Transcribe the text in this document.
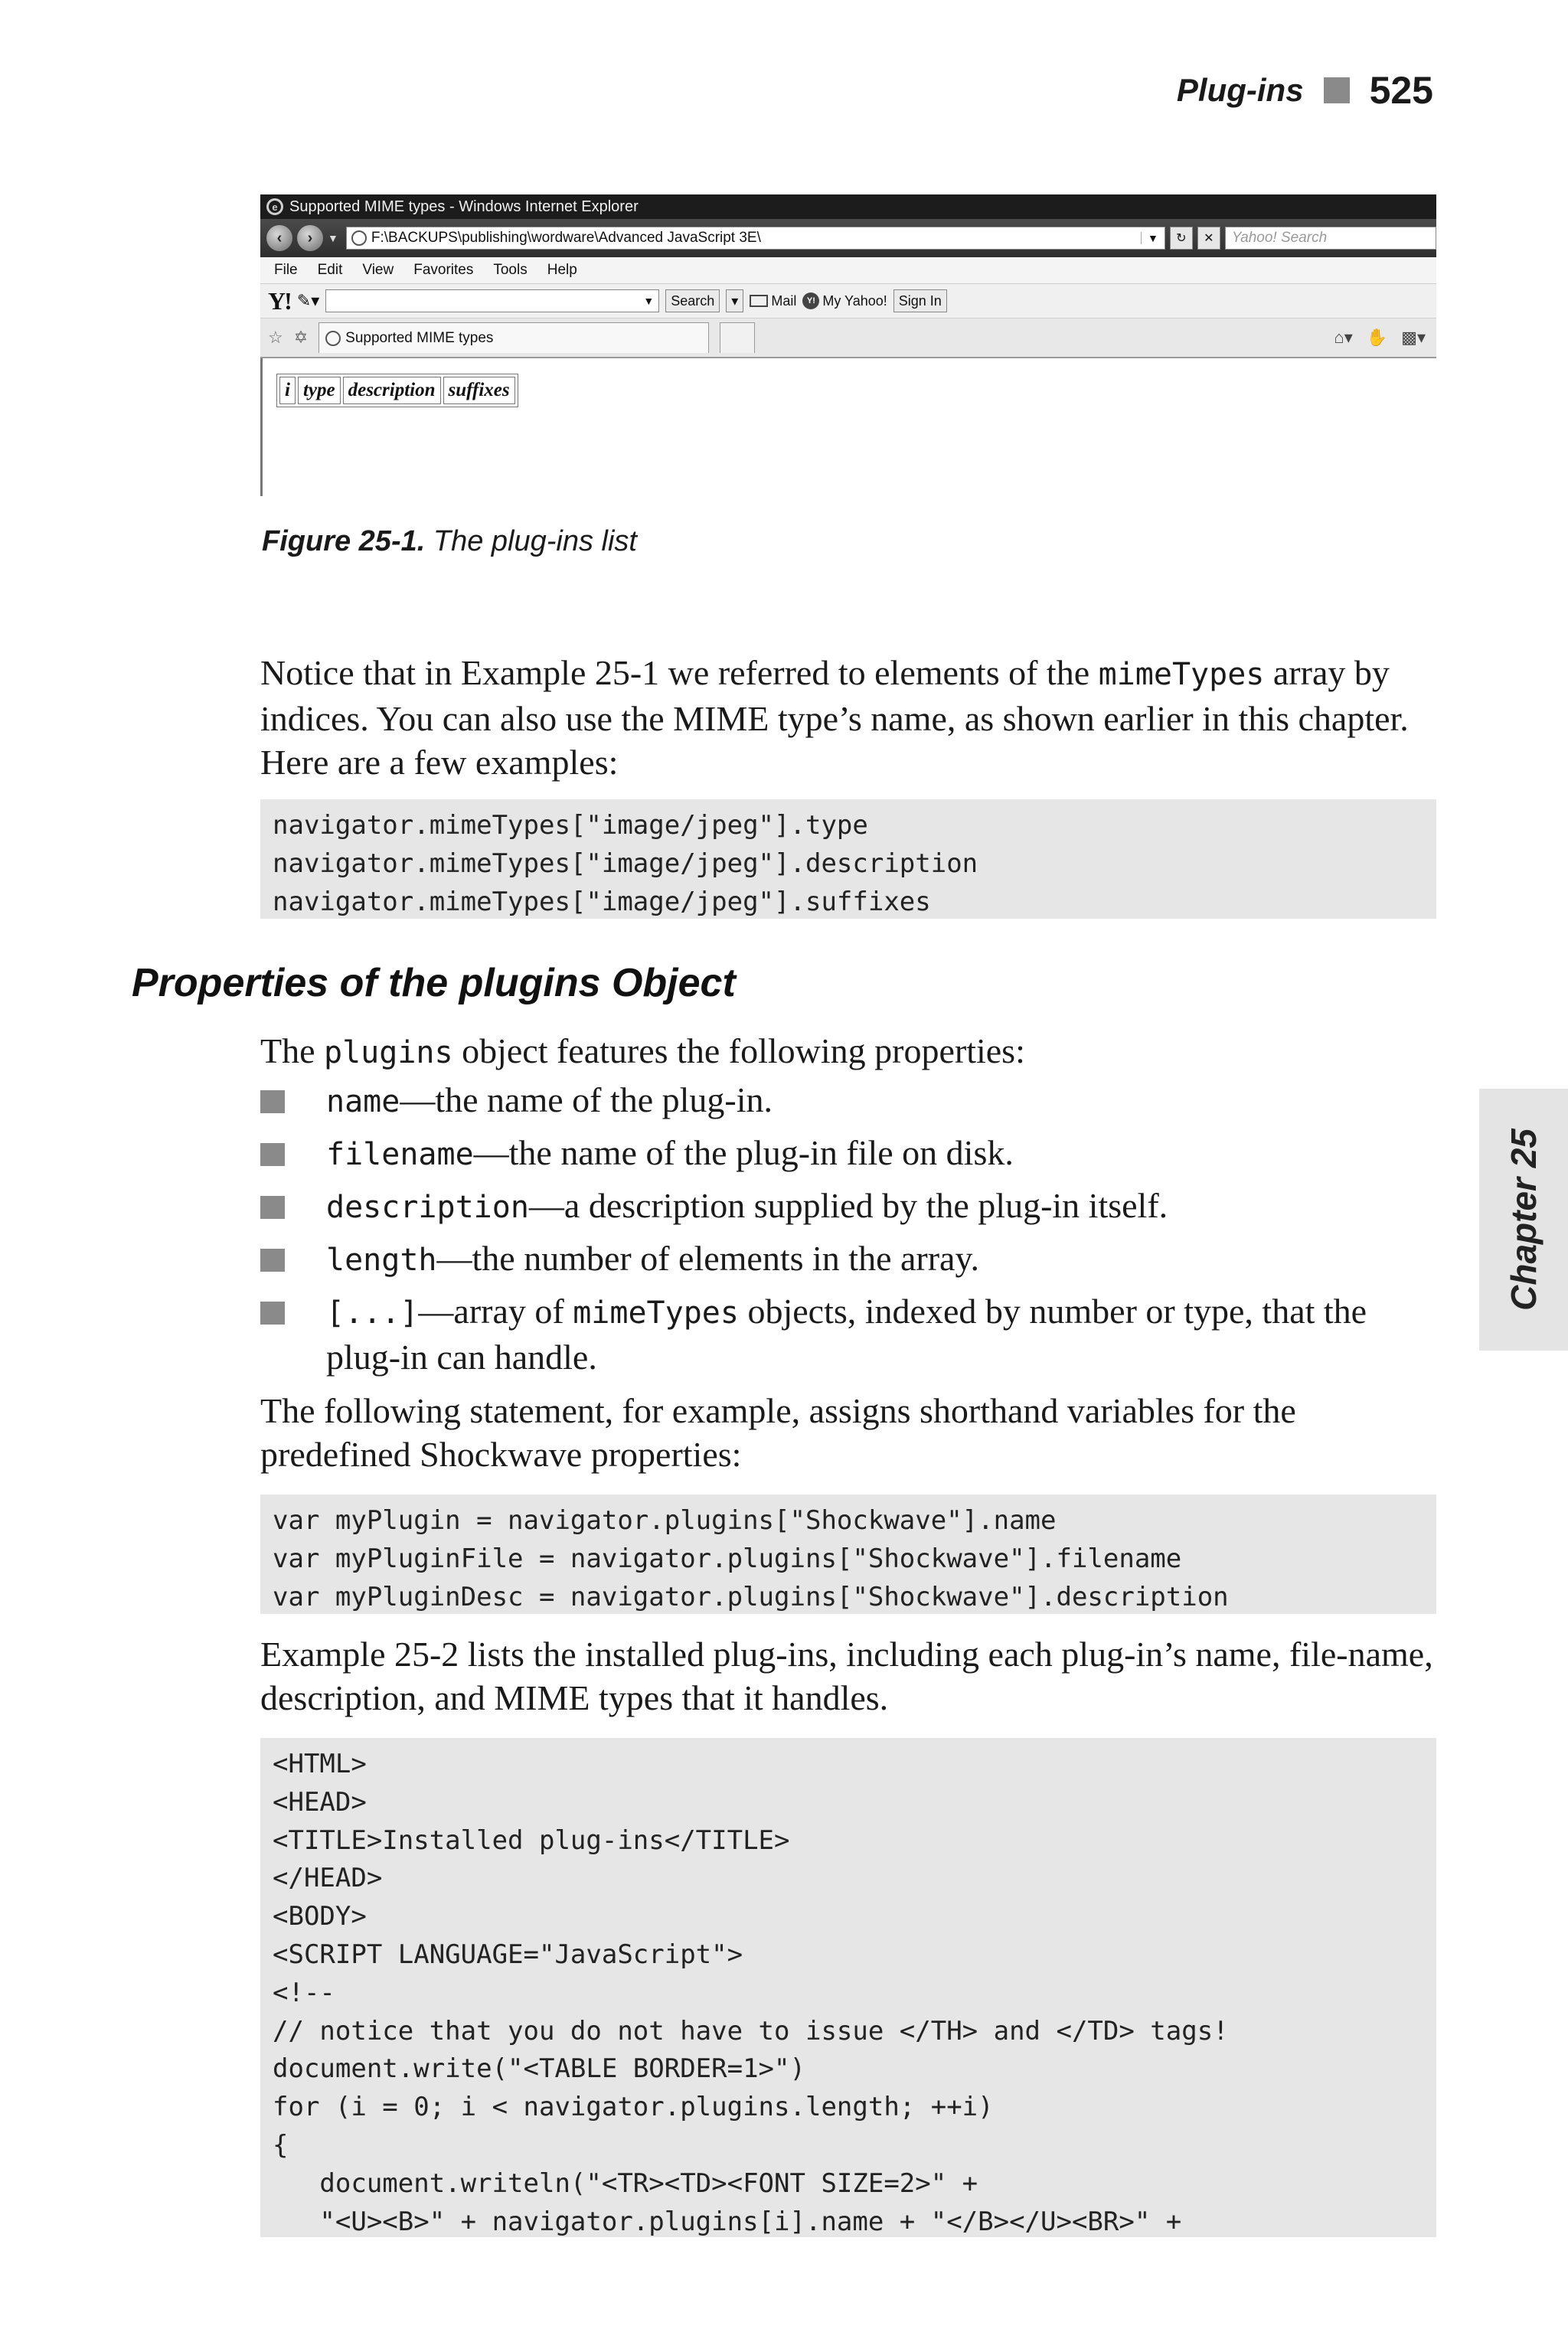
Plug-ins 525
e Supported MIME types - Windows Internet Explorer
‹	›	▼ F:\BACKUPS\publishing\wordware\Advanced JavaScript 3E\	▼	↻	✕	Yahoo! Search
File Edit View Favorites Tools Help
Y! ✎▾	▼	Search	▾	Mail	Y! My Yahoo! Sign In
☆ ✡	Supported MIME types	⌂▾ ✋ ▩▾
i	type	description	suffixes
Figure 25-1. The plug-ins list

Notice that in Example 25-1 we referred to elements of the mimeTypes array by indices. You can also use the MIME type’s name, as shown earlier in this chapter. Here are a few examples:

navigator.mimeTypes["image/jpeg"].type
navigator.mimeTypes["image/jpeg"].description
navigator.mimeTypes["image/jpeg"].suffixes
Properties of the plugins Object

The plugins object features the following properties:

name—the name of the plug-in.
filename—the name of the plug-in file on disk.
description—a description supplied by the plug-in itself.
length—the number of elements in the array.
[...]—array of mimeTypes objects, indexed by number or type, that the plug-in can handle.

The following statement, for example, assigns shorthand variables for the predefined Shockwave properties:

var myPlugin = navigator.plugins["Shockwave"].name
var myPluginFile = navigator.plugins["Shockwave"].filename
var myPluginDesc = navigator.plugins["Shockwave"].description

Example 25-2 lists the installed plug-ins, including each plug-in’s name, file-name, description, and MIME types that it handles.

<HTML>
<HEAD>
<TITLE>Installed plug-ins</TITLE>
</HEAD>
<BODY>
<SCRIPT LANGUAGE="JavaScript">
<!--
// notice that you do not have to issue </TH> and </TD> tags!
document.write("<TABLE BORDER=1>")
for (i = 0; i < navigator.plugins.length; ++i)
{
document.writeln("<TR><TD><FONT SIZE=2>" +
"<U><B>" + navigator.plugins[i].name + "</B></U><BR>" +
Chapter 25
